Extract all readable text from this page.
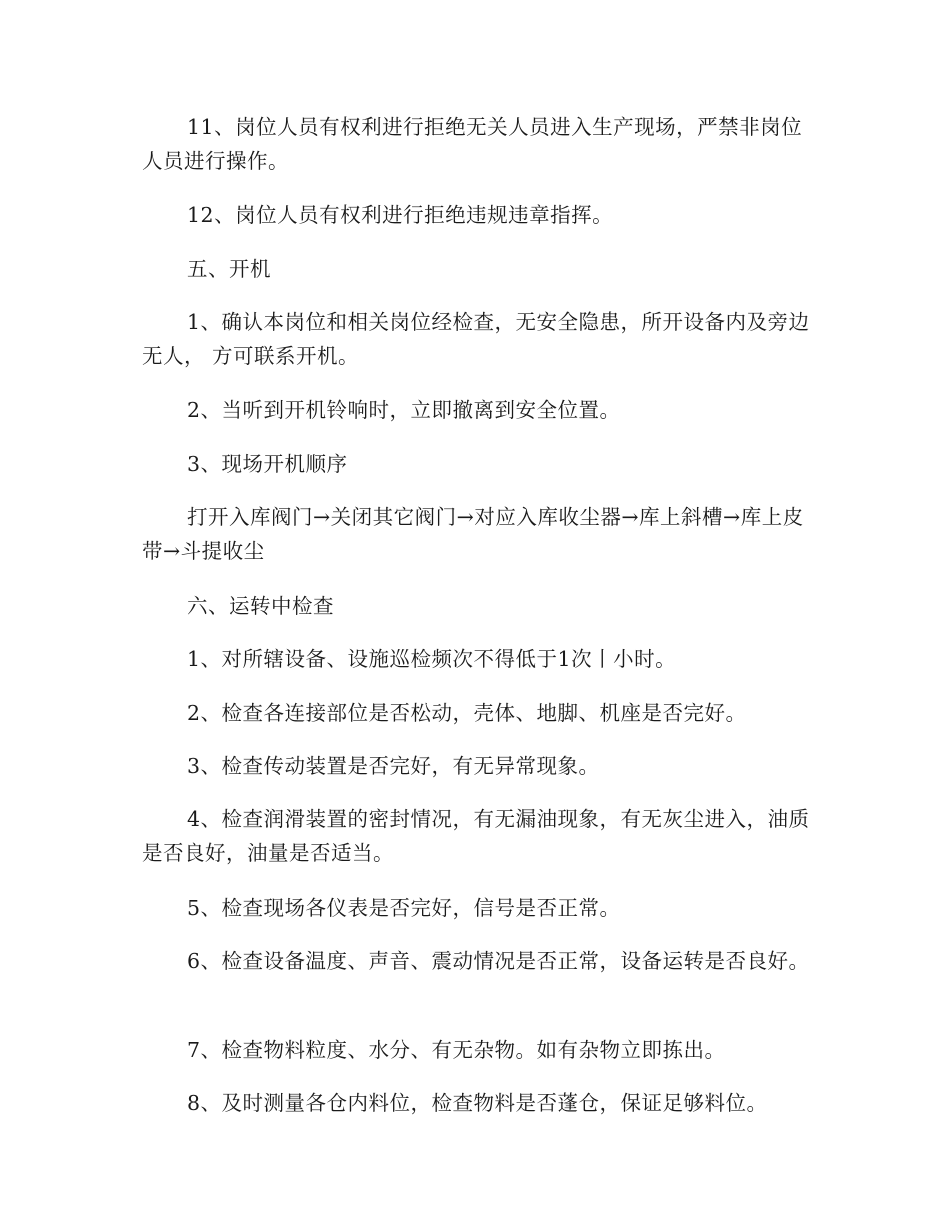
11、岗位人员有权利进行拒绝无关人员进入生产现场，严禁非岗位人员进行操作。

12、岗位人员有权利进行拒绝违规违章指挥。

五、开机

1、确认本岗位和相关岗位经检查，无安全隐患，所开设备内及旁边无人， 方可联系开机。

2、当听到开机铃响时，立即撤离到安全位置。

3、现场开机顺序

打开入库阀门→关闭其它阀门→对应入库收尘器→库上斜槽→库上皮带→斗提收尘

六、运转中检查

1、对所辖设备、设施巡检频次不得低于1次丨小时。

2、检查各连接部位是否松动，壳体、地脚、机座是否完好。

3、检查传动装置是否完好，有无异常现象。

4、检查润滑装置的密封情况，有无漏油现象，有无灰尘进入，油质是否良好，油量是否适当。

5、检查现场各仪表是否完好，信号是否正常。

6、检查设备温度、声音、震动情况是否正常，设备运转是否良好。

7、检查物料粒度、水分、有无杂物。如有杂物立即拣出。

8、及时测量各仓内料位，检查物料是否蓬仓，保证足够料位。
